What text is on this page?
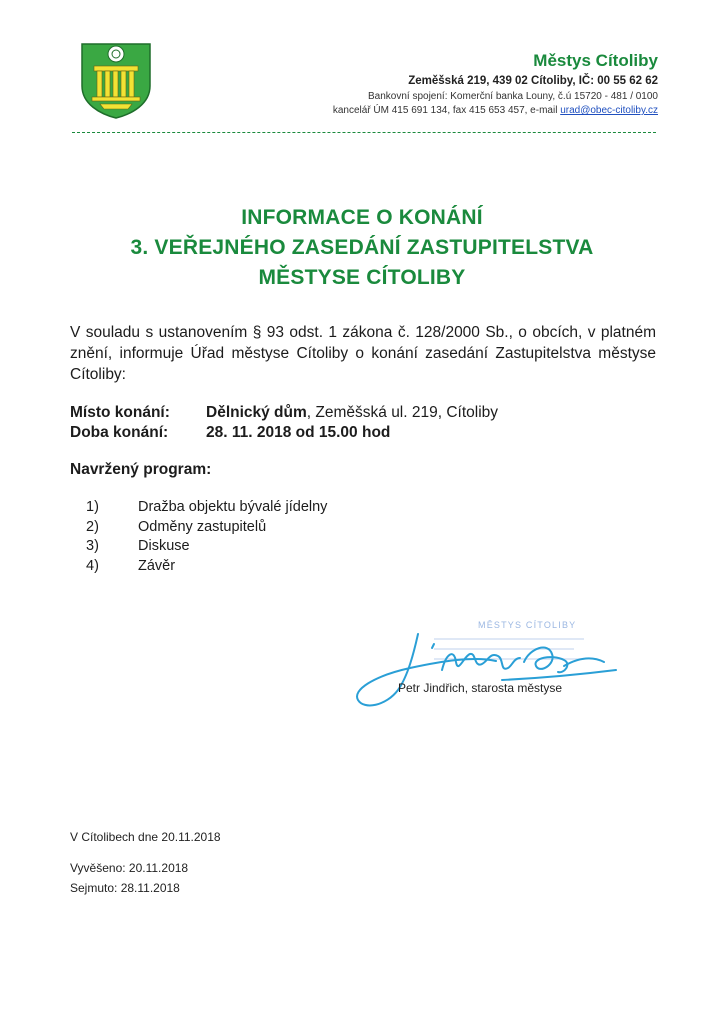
Městys Cítoliby
Zeměšská 219, 439 02 Cítoliby, IČ: 00 55 62 62
Bankovní spojení: Komerční banka Louny, č.ú 15720 - 481 / 0100
kancelář ÚM 415 691 134, fax 415 653 457, e-mail urad@obec-citoliby.cz
INFORMACE O KONÁNÍ
3. VEŘEJNÉHO ZASEDÁNÍ ZASTUPITELSTVA
MĚSTYSE CÍTOLIBY
V souladu s ustanovením § 93 odst. 1 zákona č. 128/2000 Sb., o obcích, v platném znění, informuje Úřad městyse Cítoliby o konání zasedání Zastupitelstva městyse Cítoliby:
Místo konání: Dělnický dům, Zeměšská ul. 219, Cítoliby
Doba konání: 28. 11. 2018 od 15.00 hod
Navržený program:
1)	Dražba objektu bývalé jídelny
2)	Odměny zastupitelů
3)	Diskuse
4)	Závěr
MĚSTYS CÍTOLIBY
Petr Jindřich, starosta městyse
V Cítolibech dne 20.11.2018
Vyvěšeno: 20.11.2018
Sejmuto: 28.11.2018
